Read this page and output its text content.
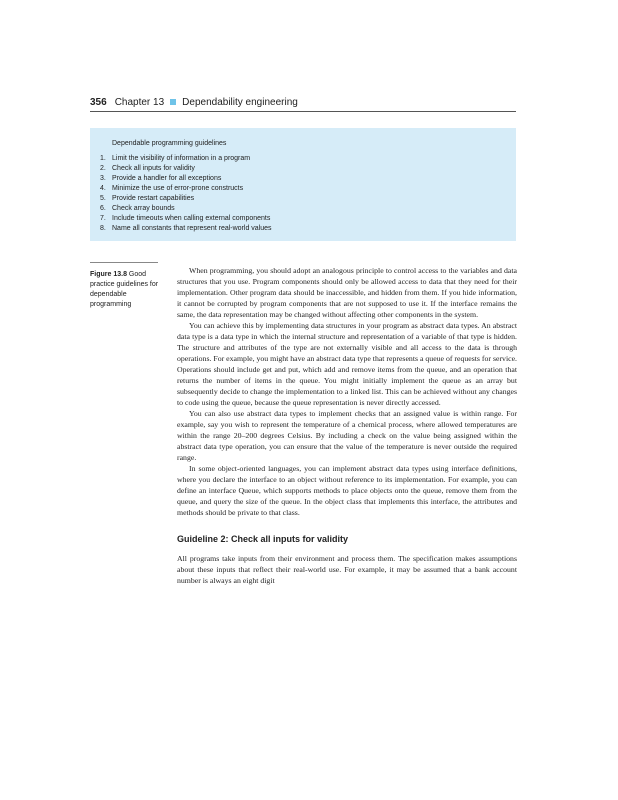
356 Chapter 13 Dependability engineering
Dependable programming guidelines
1. Limit the visibility of information in a program
2. Check all inputs for validity
3. Provide a handler for all exceptions
4. Minimize the use of error-prone constructs
5. Provide restart capabilities
6. Check array bounds
7. Include timeouts when calling external components
8. Name all constants that represent real-world values
Figure 13.8 Good practice guidelines for dependable programming

When programming, you should adopt an analogous principle to control access to the variables and data structures that you use. Program components should only be allowed access to data that they need for their implementation. Other program data should be inaccessible, and hidden from them. If you hide information, it cannot be corrupted by program components that are not supposed to use it. If the interface remains the same, the data representation may be changed without affecting other components in the system.

You can achieve this by implementing data structures in your program as abstract data types. An abstract data type is a data type in which the internal structure and representation of a variable of that type is hidden. The structure and attributes of the type are not externally visible and all access to the data is through operations. For example, you might have an abstract data type that represents a queue of requests for service. Operations should include get and put, which add and remove items from the queue, and an operation that returns the number of items in the queue. You might initially implement the queue as an array but subsequently decide to change the implementation to a linked list. This can be achieved without any changes to code using the queue, because the queue representation is never directly accessed.

You can also use abstract data types to implement checks that an assigned value is within range. For example, say you wish to represent the temperature of a chemical process, where allowed temperatures are within the range 20–200 degrees Celsius. By including a check on the value being assigned within the abstract data type operation, you can ensure that the value of the temperature is never outside the required range.

In some object-oriented languages, you can implement abstract data types using interface definitions, where you declare the interface to an object without reference to its implementation. For example, you can define an interface Queue, which supports methods to place objects onto the queue, remove them from the queue, and query the size of the queue. In the object class that implements this interface, the attributes and methods should be private to that class.

Guideline 2: Check all inputs for validity

All programs take inputs from their environment and process them. The specification makes assumptions about these inputs that reflect their real-world use. For example, it may be assumed that a bank account number is always an eight digit
